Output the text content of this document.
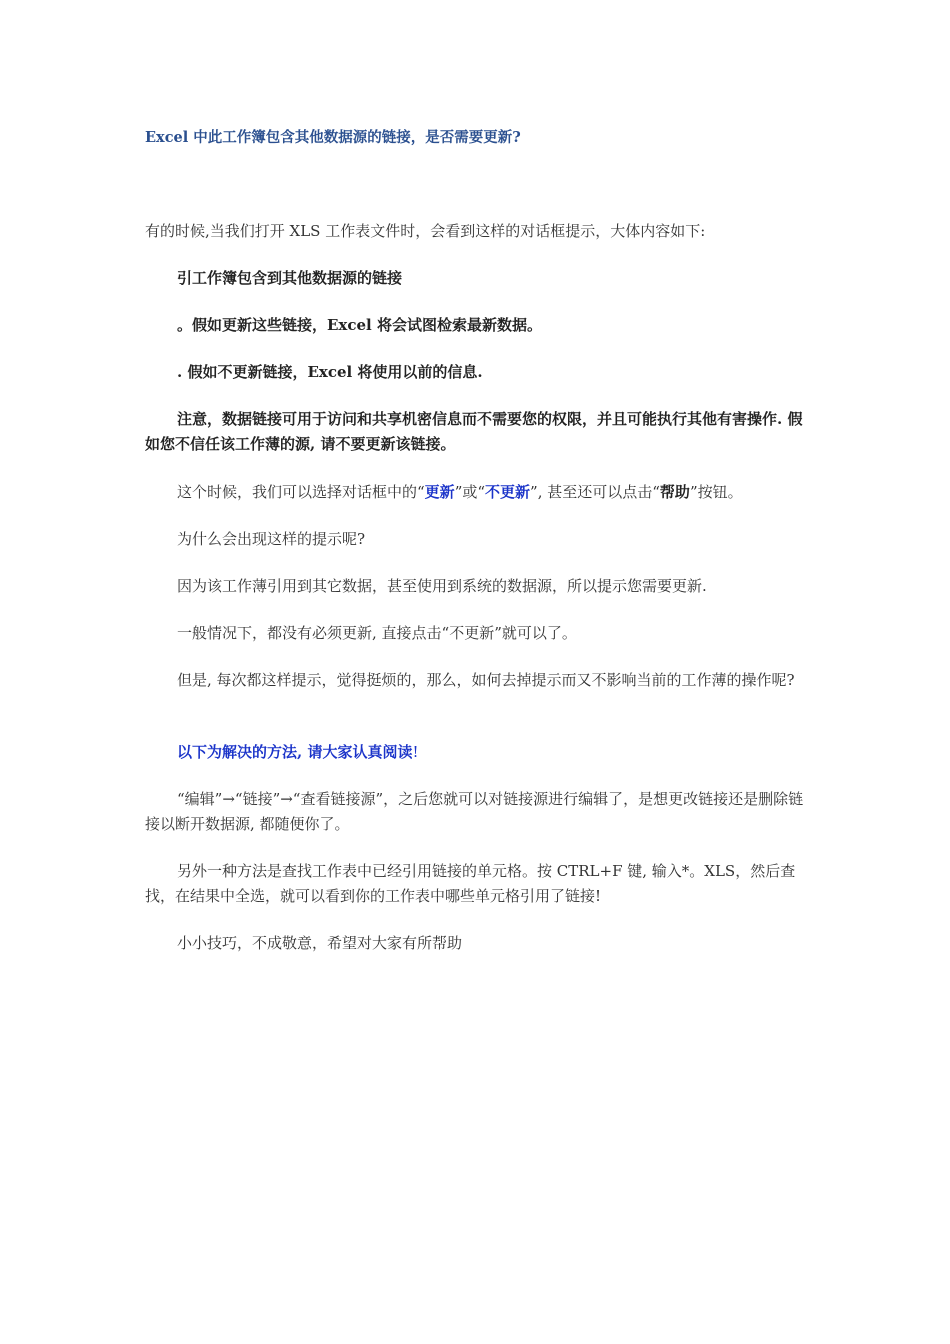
Excel 中此工作簿包含其他数据源的链接，是否需要更新?

有的时候,当我们打开 XLS 工作表文件时，会看到这样的对话框提示，大体内容如下:

引工作簿包含到其他数据源的链接

。假如更新这些链接，Excel 将会试图检索最新数据。

. 假如不更新链接，Excel 将使用以前的信息.

注意，数据链接可用于访问和共享机密信息而不需要您的权限，并且可能执行其他有害操作. 假如您不信任该工作薄的源, 请不要更新该链接。

这个时候，我们可以选择对话框中的“更新”或“不更新”, 甚至还可以点击“帮助”按钮。

为什么会出现这样的提示呢?

因为该工作薄引用到其它数据，甚至使用到系统的数据源，所以提示您需要更新.

一般情况下，都没有必须更新, 直接点击“不更新”就可以了。

但是, 每次都这样提示，觉得挺烦的，那么，如何去掉提示而又不影响当前的工作薄的操作呢?

以下为解决的方法, 请大家认真阅读!

“编辑”→“链接”→“查看链接源”，之后您就可以对链接源进行编辑了，是想更改链接还是删除链接以断开数据源, 都随便你了。

另外一种方法是查找工作表中已经引用链接的单元格。按 CTRL+F 键, 输入*。XLS，然后查找，在结果中全选，就可以看到你的工作表中哪些单元格引用了链接!

小小技巧，不成敬意，希望对大家有所帮助
